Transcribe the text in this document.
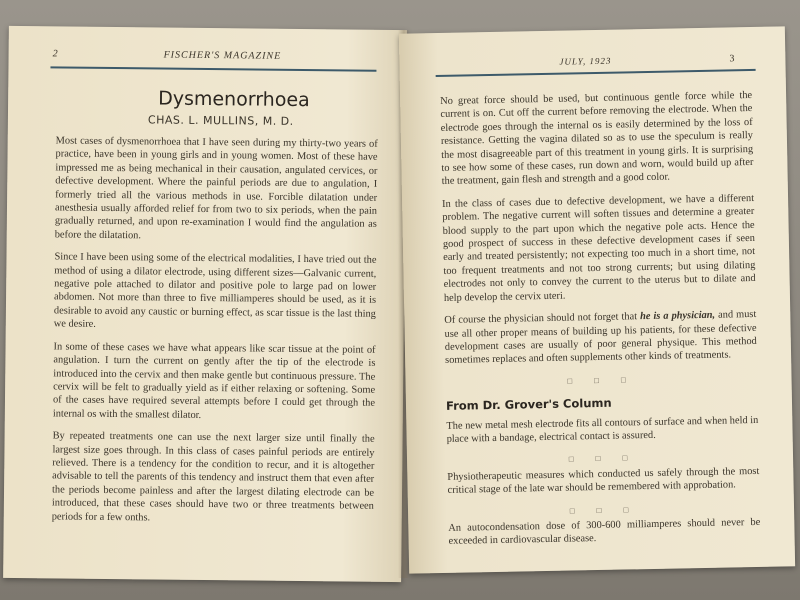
2	FISCHER'S MAGAZINE
Dysmenorrhoea
CHAS. L. MULLINS, M. D.

Most cases of dysmenorrhoea that I have seen during my thirty-two years of practice, have been in young girls and in young women. Most of these have impressed me as being mechanical in their causation, angulated cervices, or defective development. Where the painful periods are due to angulation, I formerly tried all the various methods in use. Forcible dilatation under anesthesia usually afforded relief for from two to six periods, when the pain gradually returned, and upon re-examination I would find the angulation as before the dilatation.

Since I have been using some of the electrical modalities, I have tried out the method of using a dilator electrode, using different sizes—Galvanic current, negative pole attached to dilator and positive pole to large pad on lower abdomen. Not more than three to five milliamperes should be used, as it is desirable to avoid any caustic or burning effect, as scar tissue is the last thing we desire.

In some of these cases we have what appears like scar tissue at the point of angulation. I turn the current on gently after the tip of the electrode is introduced into the cervix and then make gentle but continuous pressure. The cervix will be felt to gradually yield as if either relaxing or softening. Some of the cases have required several attempts before I could get through the internal os with the smallest dilator.

By repeated treatments one can use the next larger size until finally the largest size goes through. In this class of cases painful periods are entirely relieved. There is a tendency for the condition to recur, and it is altogether advisable to tell the parents of this tendency and instruct them that even after the periods become painless and after the largest dilating electrode can be introduced, that these cases should have two or three treatments between periods for a few onths.

JULY, 1923	3

No great force should be used, but continuous gentle force while the current is on. Cut off the current before removing the electrode. When the electrode goes through the internal os is easily determined by the loss of resistance. Getting the vagina dilated so as to use the speculum is really the most disagreeable part of this treatment in young girls. It is surprising to see how some of these cases, run down and worn, would build up after the treatment, gain flesh and strength and a good color.

In the class of cases due to defective development, we have a different problem. The negative current will soften tissues and determine a greater blood supply to the part upon which the negative pole acts. Hence the good prospect of success in these defective development cases if seen early and treated persistently; not expecting too much in a short time, not too frequent treatments and not too strong currents; but using dilating electrodes not only to convey the current to the uterus but to dilate and help develop the cervix uteri.

Of course the physician should not forget that he is a physician, and must use all other proper means of building up his patients, for these defective development cases are usually of poor general physique. This method sometimes replaces and often supplements other kinds of treatments.

□ □ □
From Dr. Grover's Column

The new metal mesh electrode fits all contours of surface and when held in place with a bandage, electrical contact is assured.

□ □ □

Physiotherapeutic measures which conducted us safely through the most critical stage of the late war should be remembered with approbation.

□ □ □

An autocondensation dose of 300-600 milliamperes should never be exceeded in cardiovascular disease.
